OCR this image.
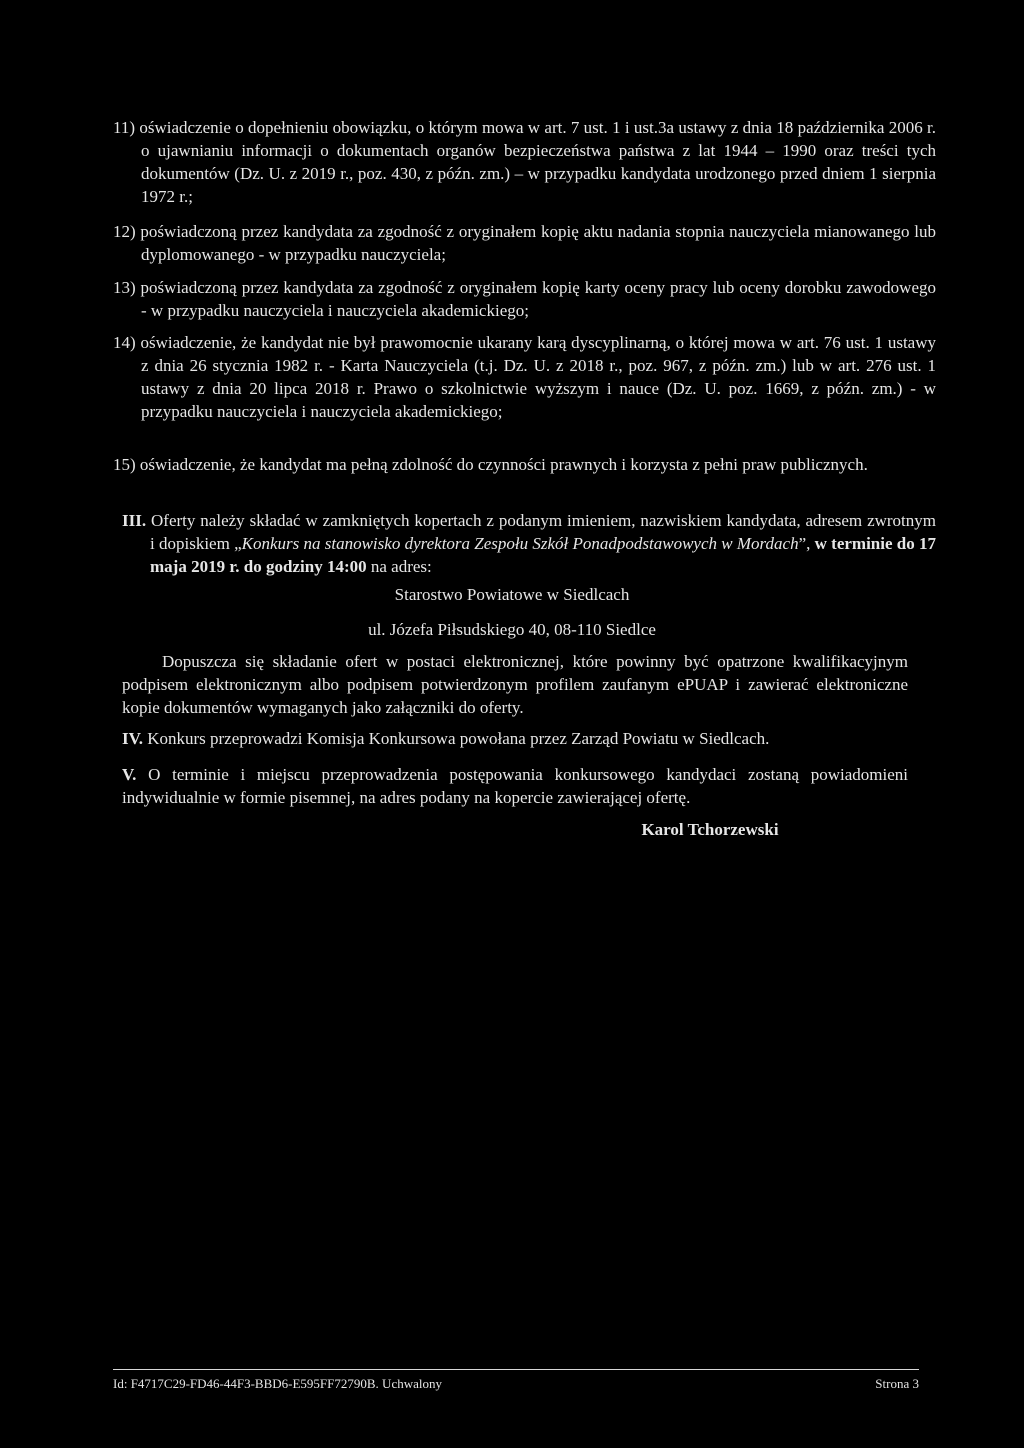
11) oświadczenie o dopełnieniu obowiązku, o którym mowa w art. 7 ust. 1 i ust.3a ustawy z dnia 18 października 2006 r. o ujawnianiu informacji o dokumentach organów bezpieczeństwa państwa z lat 1944 – 1990 oraz treści tych dokumentów (Dz. U. z 2019 r., poz. 430, z późn. zm.) – w przypadku kandydata urodzonego przed dniem 1 sierpnia 1972 r.;
12) poświadczoną przez kandydata za zgodność z oryginałem kopię aktu nadania stopnia nauczyciela mianowanego lub dyplomowanego - w przypadku nauczyciela;
13) poświadczoną przez kandydata za zgodność z oryginałem kopię karty oceny pracy lub oceny dorobku zawodowego - w przypadku nauczyciela i nauczyciela akademickiego;
14) oświadczenie, że kandydat nie był prawomocnie ukarany karą dyscyplinarną, o której mowa w art. 76 ust. 1 ustawy z dnia 26 stycznia 1982 r. - Karta Nauczyciela (t.j. Dz. U. z 2018 r., poz. 967, z późn. zm.) lub w art. 276 ust. 1 ustawy z dnia 20 lipca 2018 r. Prawo o szkolnictwie wyższym i nauce (Dz. U. poz. 1669, z późn. zm.) - w przypadku nauczyciela i nauczyciela akademickiego;
15) oświadczenie, że kandydat ma pełną zdolność do czynności prawnych i korzysta z pełni praw publicznych.
III. Oferty należy składać w zamkniętych kopertach z podanym imieniem, nazwiskiem kandydata, adresem zwrotnym i dopiskiem „Konkurs na stanowisko dyrektora Zespołu Szkół Ponadpodstawowych w Mordach”, w terminie do 17 maja 2019 r. do godziny 14:00 na adres:
Starostwo Powiatowe w Siedlcach
ul. Józefa Piłsudskiego 40, 08-110 Siedlce
Dopuszcza się składanie ofert w postaci elektronicznej, które powinny być opatrzone kwalifikacyjnym podpisem elektronicznym albo podpisem potwierdzonym profilem zaufanym ePUAP i zawierać elektroniczne kopie dokumentów wymaganych jako załączniki do oferty.
IV. Konkurs przeprowadzi Komisja Konkursowa powołana przez Zarząd Powiatu w Siedlcach.
V. O terminie i miejscu przeprowadzenia postępowania konkursowego kandydaci zostaną powiadomieni indywidualnie w formie pisemnej, na adres podany na kopercie zawierającej ofertę.
Karol Tchorzewski
Id: F4717C29-FD46-44F3-BBD6-E595FF72790B. Uchwalony	Strona 3
